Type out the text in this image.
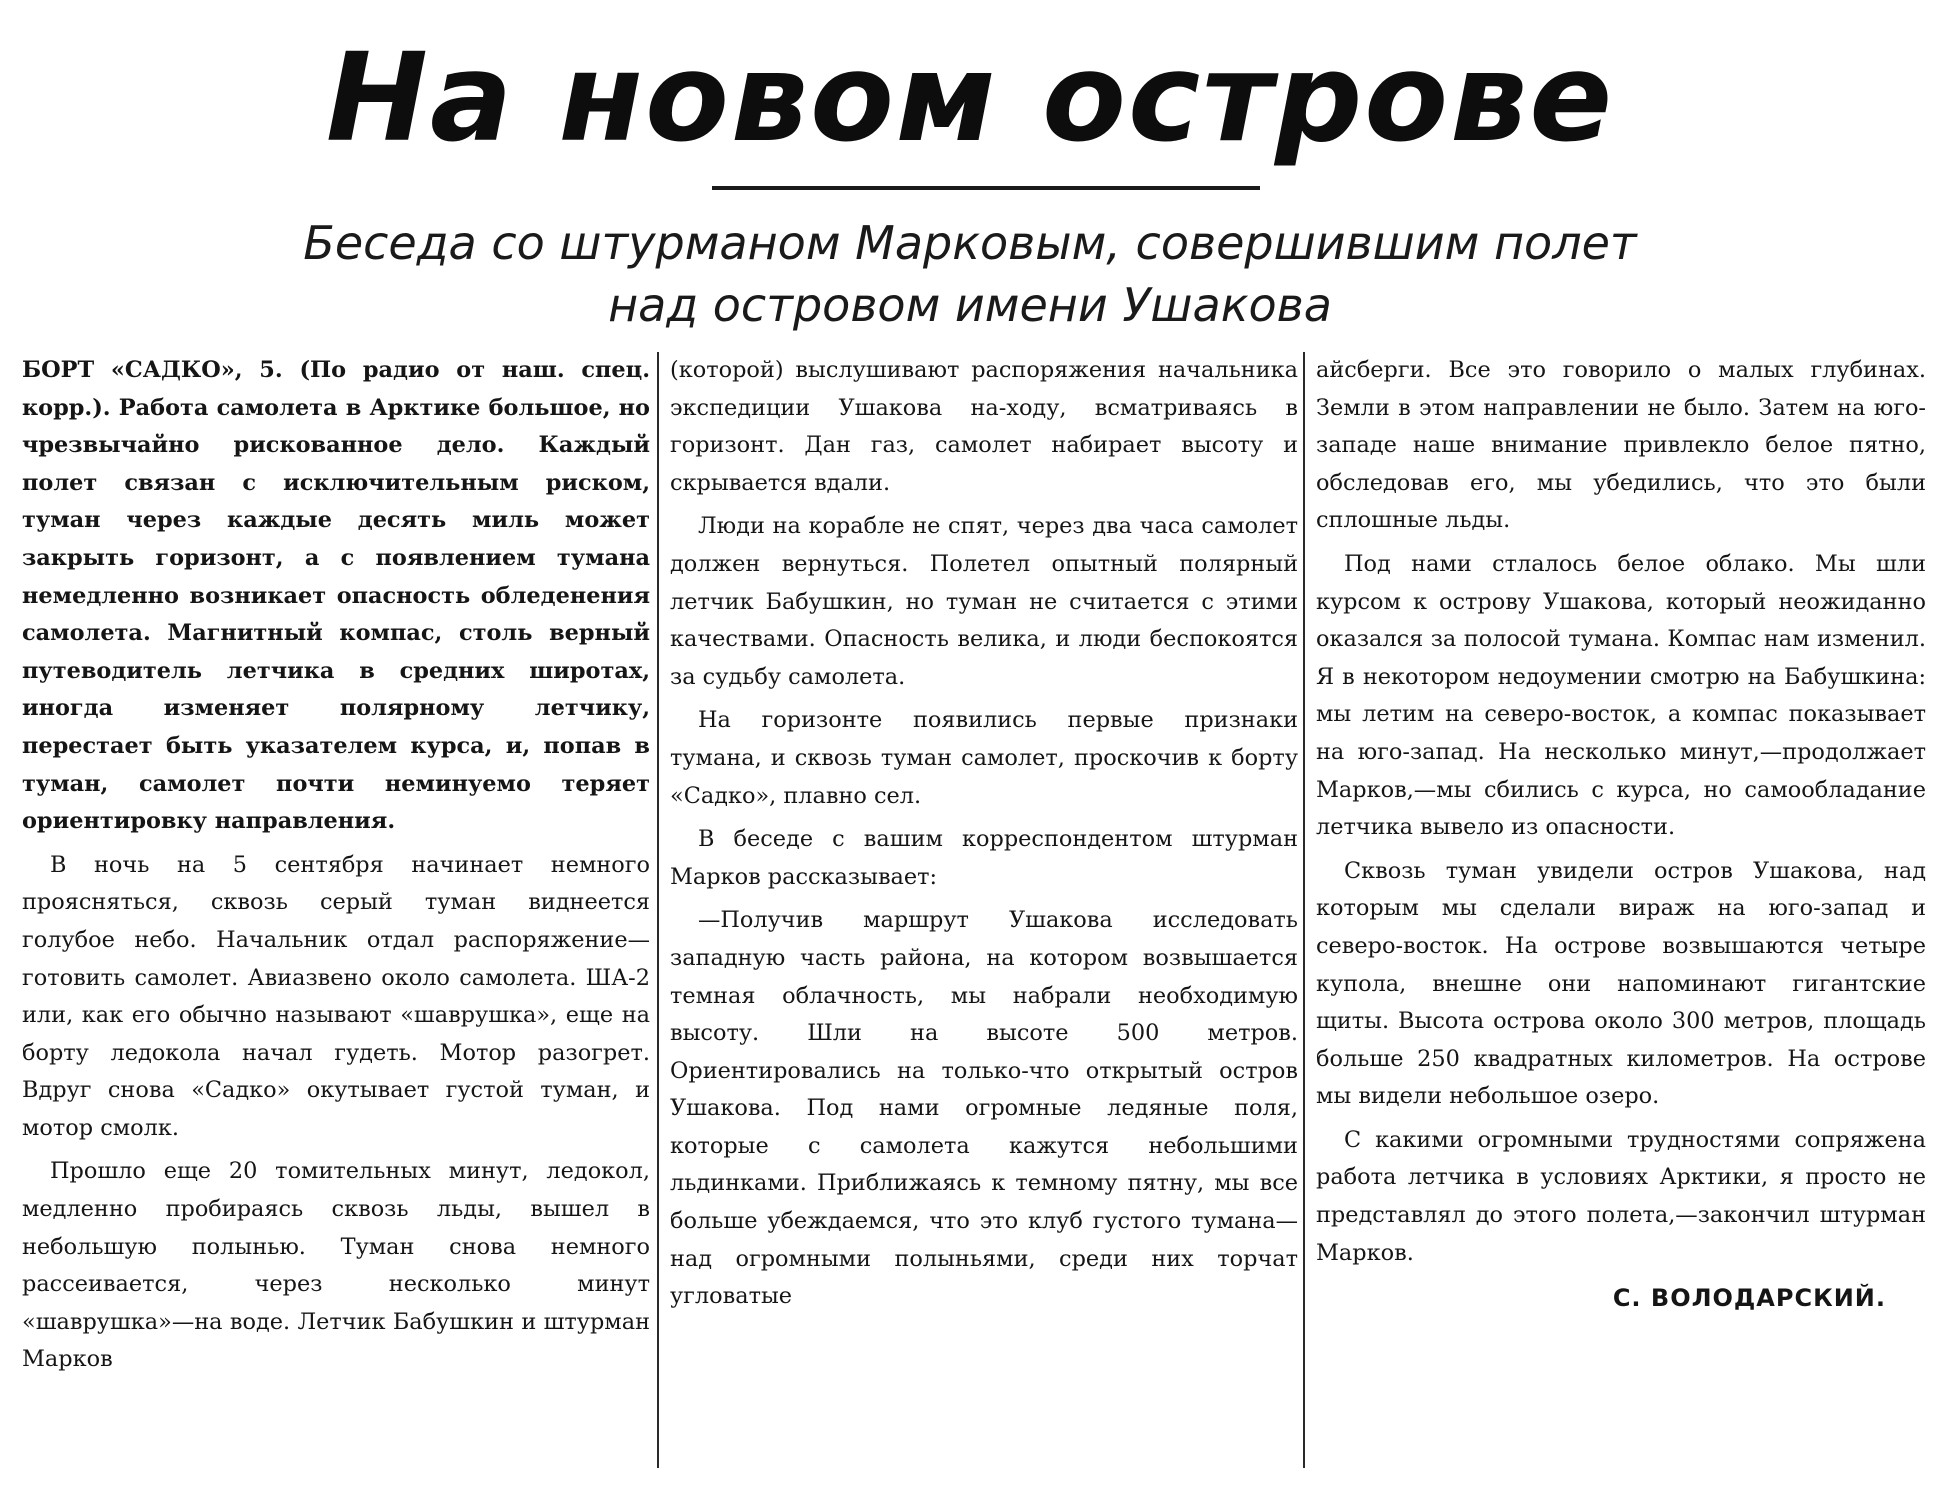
На новом острове
Беседа со штурманом Марковым, совершившим полет
над островом имени Ушакова

БОРТ «САДКО», 5. (По радио от наш. спец. корр.). Работа самолета в Арктике большое, но чрезвычайно рискованное дело. Каждый полет связан с исключительным риском, туман через каждые десять миль может закрыть горизонт, а с появлением тумана немедленно возникает опасность обледенения самолета. Магнитный компас, столь верный путеводитель летчика в средних широтах, иногда изменяет полярному летчику, перестает быть указателем курса, и, попав в туман, самолет почти неминуемо теряет ориентировку направления.

В ночь на 5 сентября начинает немного проясняться, сквозь серый туман виднеется голубое небо. Начальник отдал распоряжение—готовить самолет. Авиазвено около самолета. ША-2 или, как его обычно называют «шаврушка», еще на борту ледокола начал гудеть. Мотор разогрет. Вдруг снова «Садко» окутывает густой туман, и мотор смолк.

Прошло еще 20 томительных минут, ледокол, медленно пробираясь сквозь льды, вышел в небольшую полынью. Туман снова немного рассеивается, через несколько минут «шаврушка»—на воде. Летчик Бабушкин и штурман Марков

(которой) выслушивают распоряжения начальника экспедиции Ушакова на-ходу, всматриваясь в горизонт. Дан газ, самолет набирает высоту и скрывается вдали.

Люди на корабле не спят, через два часа самолет должен вернуться. Полетел опытный полярный летчик Бабушкин, но туман не считается с этими качествами. Опасность велика, и люди беспокоятся за судьбу самолета.

На горизонте появились первые признаки тумана, и сквозь туман самолет, проскочив к борту «Садко», плавно сел.

В беседе с вашим корреспондентом штурман Марков рассказывает:

—Получив маршрут Ушакова исследовать западную часть района, на котором возвышается темная облачность, мы набрали необходимую высоту. Шли на высоте 500 метров. Ориентировались на только-что открытый остров Ушакова. Под нами огромные ледяные поля, которые с самолета кажутся небольшими льдинками. Приближаясь к темному пятну, мы все больше убеждаемся, что это клуб густого тумана—над огромными полыньями, среди них торчат угловатые

айсберги. Все это говорило о малых глубинах. Земли в этом направлении не было. Затем на юго-западе наше внимание привлекло белое пятно, обследовав его, мы убедились, что это были сплошные льды.

Под нами стлалось белое облако. Мы шли курсом к острову Ушакова, который неожиданно оказался за полосой тумана. Компас нам изменил. Я в некотором недоумении смотрю на Бабушкина: мы летим на северо-восток, а компас показывает на юго-запад. На несколько минут,—продолжает Марков,—мы сбились с курса, но самообладание летчика вывело из опасности.

Сквозь туман увидели остров Ушакова, над которым мы сделали вираж на юго-запад и северо-восток. На острове возвышаются четыре купола, внешне они напоминают гигантские щиты. Высота острова около 300 метров, площадь больше 250 квадратных километров. На острове мы видели небольшое озеро.

С какими огромными трудностями сопряжена работа летчика в условиях Арктики, я просто не представлял до этого полета,—закончил штурман Марков.

С. ВОЛОДАРСКИЙ.
